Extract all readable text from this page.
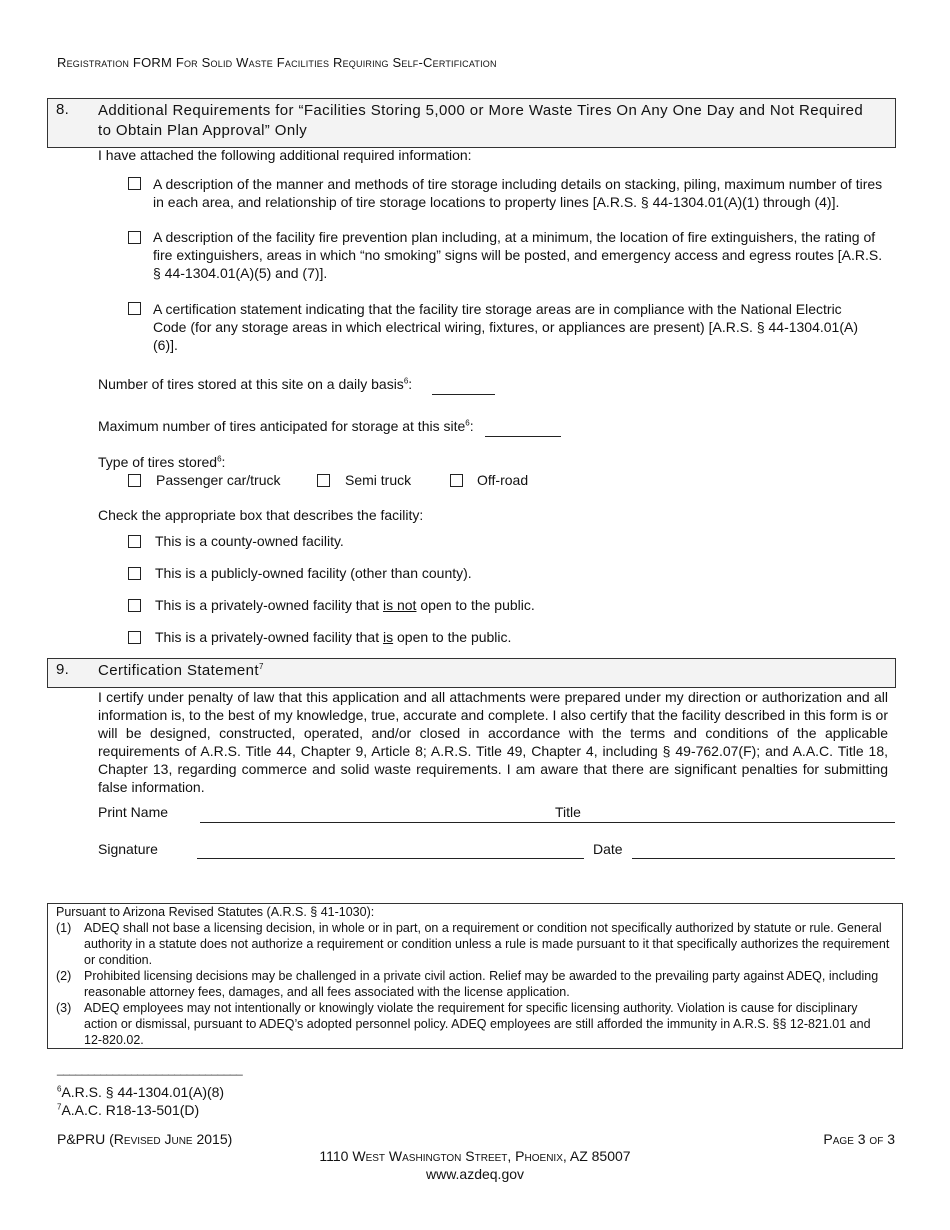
Registration FORM For Solid Waste Facilities Requiring Self-Certification
8. Additional Requirements for “Facilities Storing 5,000 or More Waste Tires On Any One Day and Not Required to Obtain Plan Approval” Only
I have attached the following additional required information:
A description of the manner and methods of tire storage including details on stacking, piling, maximum number of tires in each area, and relationship of tire storage locations to property lines [A.R.S. § 44-1304.01(A)(1) through (4)].
A description of the facility fire prevention plan including, at a minimum, the location of fire extinguishers, the rating of fire extinguishers, areas in which “no smoking” signs will be posted, and emergency access and egress routes [A.R.S. § 44-1304.01(A)(5) and (7)].
A certification statement indicating that the facility tire storage areas are in compliance with the National Electric Code (for any storage areas in which electrical wiring, fixtures, or appliances are present) [A.R.S. § 44-1304.01(A)(6)].
Number of tires stored at this site on a daily basis$^6$:
Maximum number of tires anticipated for storage at this site$^6$:
Type of tires stored$^6$:
Passenger car/truck	Semi truck	Off-road
Check the appropriate box that describes the facility:
This is a county-owned facility.
This is a publicly-owned facility (other than county).
This is a privately-owned facility that is not open to the public.
This is a privately-owned facility that is open to the public.
9. Certification Statement$^7$
I certify under penalty of law that this application and all attachments were prepared under my direction or authorization and all information is, to the best of my knowledge, true, accurate and complete. I also certify that the facility described in this form is or will be designed, constructed, operated, and/or closed in accordance with the terms and conditions of the applicable requirements of A.R.S. Title 44, Chapter 9, Article 8; A.R.S. Title 49, Chapter 4, including § 49-762.07(F); and A.A.C. Title 18, Chapter 13, regarding commerce and solid waste requirements. I am aware that there are significant penalties for submitting false information.
Print Name	Title
Signature	Date
Pursuant to Arizona Revised Statutes (A.R.S. § 41-1030):
(1) ADEQ shall not base a licensing decision, in whole or in part, on a requirement or condition not specifically authorized by statute or rule. General authority in a statute does not authorize a requirement or condition unless a rule is made pursuant to it that specifically authorizes the requirement or condition.
(2) Prohibited licensing decisions may be challenged in a private civil action. Relief may be awarded to the prevailing party against ADEQ, including reasonable attorney fees, damages, and all fees associated with the license application.
(3) ADEQ employees may not intentionally or knowingly violate the requirement for specific licensing authority. Violation is cause for disciplinary action or dismissal, pursuant to ADEQ’s adopted personnel policy. ADEQ employees are still afforded the immunity in A.R.S. §§ 12-821.01 and 12-820.02.
______________________________
$^6$A.R.S. § 44-1304.01(A)(8)
$^7$A.A.C. R18-13-501(D)
P&PRU (Revised June 2015)	Page 3 of 3
1110 West Washington Street, Phoenix, AZ 85007
www.azdeq.gov
